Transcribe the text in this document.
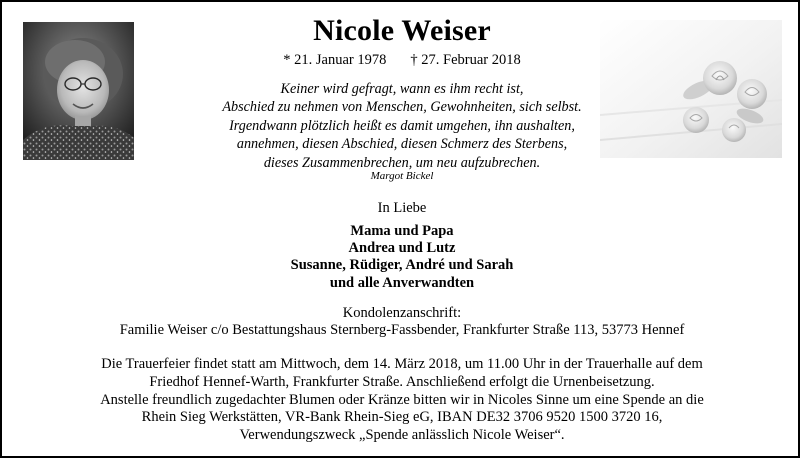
Nicole Weiser
* 21. Januar 1978 † 27. Februar 2018
Keiner wird gefragt, wann es ihm recht ist,
Abschied zu nehmen von Menschen, Gewohnheiten, sich selbst.
Irgendwann plötzlich heißt es damit umgehen, ihn aushalten,
annehmen, diesen Abschied, diesen Schmerz des Sterbens,
dieses Zusammenbrechen, um neu aufzubrechen.
Margot Bickel
In Liebe
Mama und Papa
Andrea und Lutz
Susanne, Rüdiger, André und Sarah
und alle Anverwandten
Kondolenzanschrift:
Familie Weiser c/o Bestattungshaus Sternberg-Fassbender, Frankfurter Straße 113, 53773 Hennef
Die Trauerfeier findet statt am Mittwoch, dem 14. März 2018, um 11.00 Uhr in der Trauerhalle auf dem
Friedhof Hennef-Warth, Frankfurter Straße. Anschließend erfolgt die Urnenbeisetzung.
Anstelle freundlich zugedachter Blumen oder Kränze bitten wir in Nicoles Sinne um eine Spende an die
Rhein Sieg Werkstätten, VR-Bank Rhein-Sieg eG, IBAN DE32 3706 9520 1500 3720 16,
Verwendungszweck „Spende anlässlich Nicole Weiser“.
